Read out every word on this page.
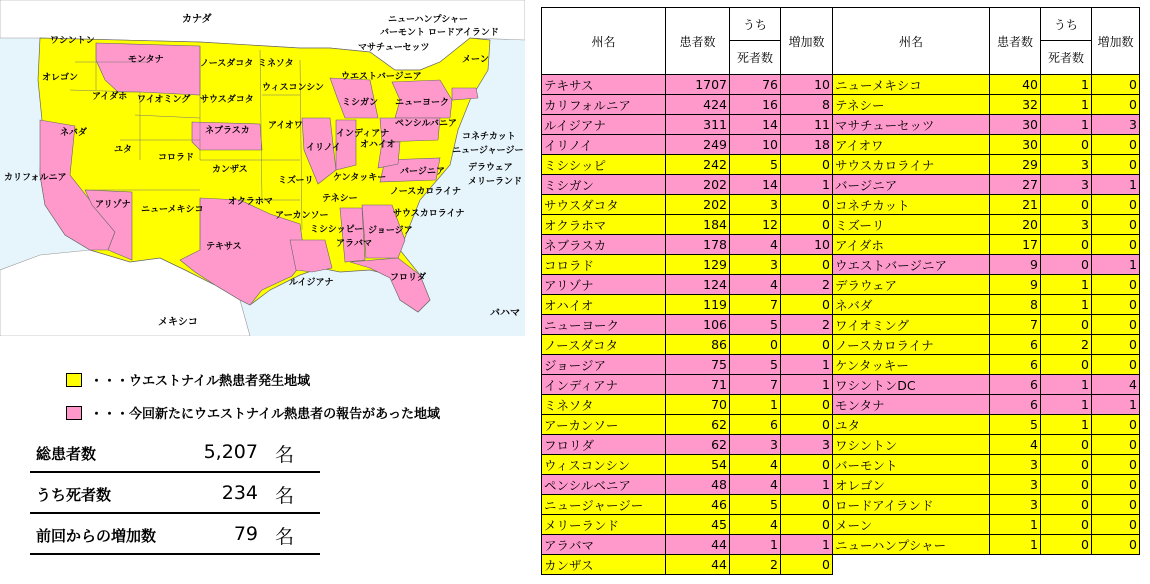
カナダ
メキシコ
バハマ
ワシントン
モンタナ	ノースダコタ ミネソタ
オレゴン
アイダホ ワイオミング サウスダコタ
ウィスコンシン
ミシガン ニューヨーク
ネバダ
ユタ
コロラド
ネブラスカ アイオワ
イリノイ
インディアナ
オハイオ
ペンシルバニア
カリフォルニア
アリゾナ ニューメキシコ
カンザス
オクラホマ
ミズーリ ケンタッキー
ウエストバージニア
バージニア
テネシー
ノースカロライナ
サウスカロライナ
アーカンソー
ミシシッピー
アラバマ
ジョージア
テキサス
ルイジアナ	フロリダ
メーン
ニューハンプシャー
バーモント
マサチューセッツ
ロードアイランド
コネチカット
ニュージャージー
デラウェア
メリーランド
・・・ウエストナイル熱患者発生地域
・・・今回新たにウエストナイル熱患者の報告があった地域
総患者数	5,207 名
うち死者数	234 名
前回からの増加数	79 名
州名	患者数	うち	増加数	州名	患者数	うち	増加数
		死者数				死者数	
テキサス	1707	76	10	ニューメキシコ	40	1	0
カリフォルニア	424	16	8	テネシー	32	1	0
ルイジアナ	311	14	11	マサチューセッツ	30	1	3
イリノイ	249	10	18	アイオワ	30	0	0
ミシシッピ	242	5	0	サウスカロライナ	29	3	0
ミシガン	202	14	1	バージニア	27	3	1
サウスダコタ	202	3	0	コネチカット	21	0	0
オクラホマ	184	12	0	ミズーリ	20	3	0
ネブラスカ	178	4	10	アイダホ	17	0	0
コロラド	129	3	0	ウエストバージニア	9	0	1
アリゾナ	124	4	2	デラウェア	9	1	0
オハイオ	119	7	0	ネバダ	8	1	0
ニューヨーク	106	5	2	ワイオミング	7	0	0
ノースダコタ	86	0	0	ノースカロライナ	6	2	0
ジョージア	75	5	1	ケンタッキー	6	0	0
インディアナ	71	7	1	ワシントンDC	6	1	4
ミネソタ	70	1	0	モンタナ	6	1	1
アーカンソー	62	6	0	ユタ	5	1	0
フロリダ	62	3	3	ワシントン	4	0	0
ウィスコンシン	54	4	0	バーモント	3	0	0
ペンシルベニア	48	4	1	オレゴン	3	0	0
ニュージャージー	46	5	0	ロードアイランド	3	0	0
メリーランド	45	4	0	メーン	1	0	0
アラバマ	44	1	1	ニューハンプシャー	1	0	0
カンザス	44	2	0				
